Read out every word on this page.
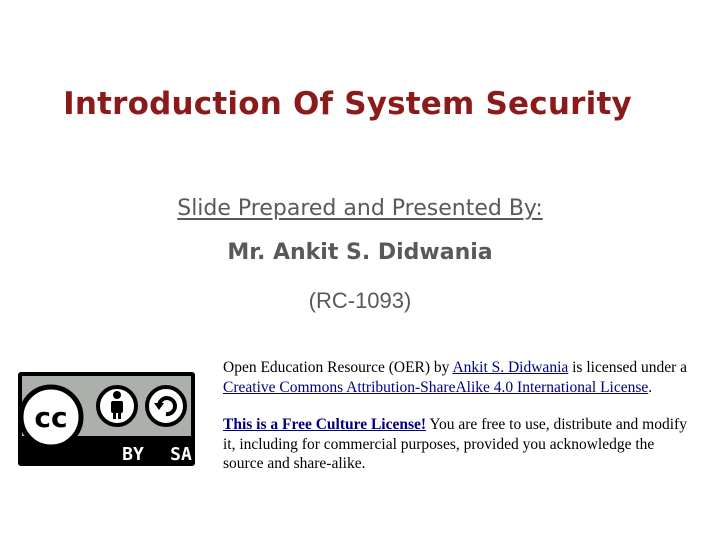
Introduction Of System Security
Slide Prepared and Presented By:
Mr. Ankit S. Didwania
(RC-1093)
cc
BY SA

Open Education Resource (OER) by Ankit S. Didwania is licensed under a Creative Commons Attribution-ShareAlike 4.0 International License.

This is a Free Culture License! You are free to use, distribute and modify it, including for commercial purposes, provided you acknowledge the source and share-alike.
